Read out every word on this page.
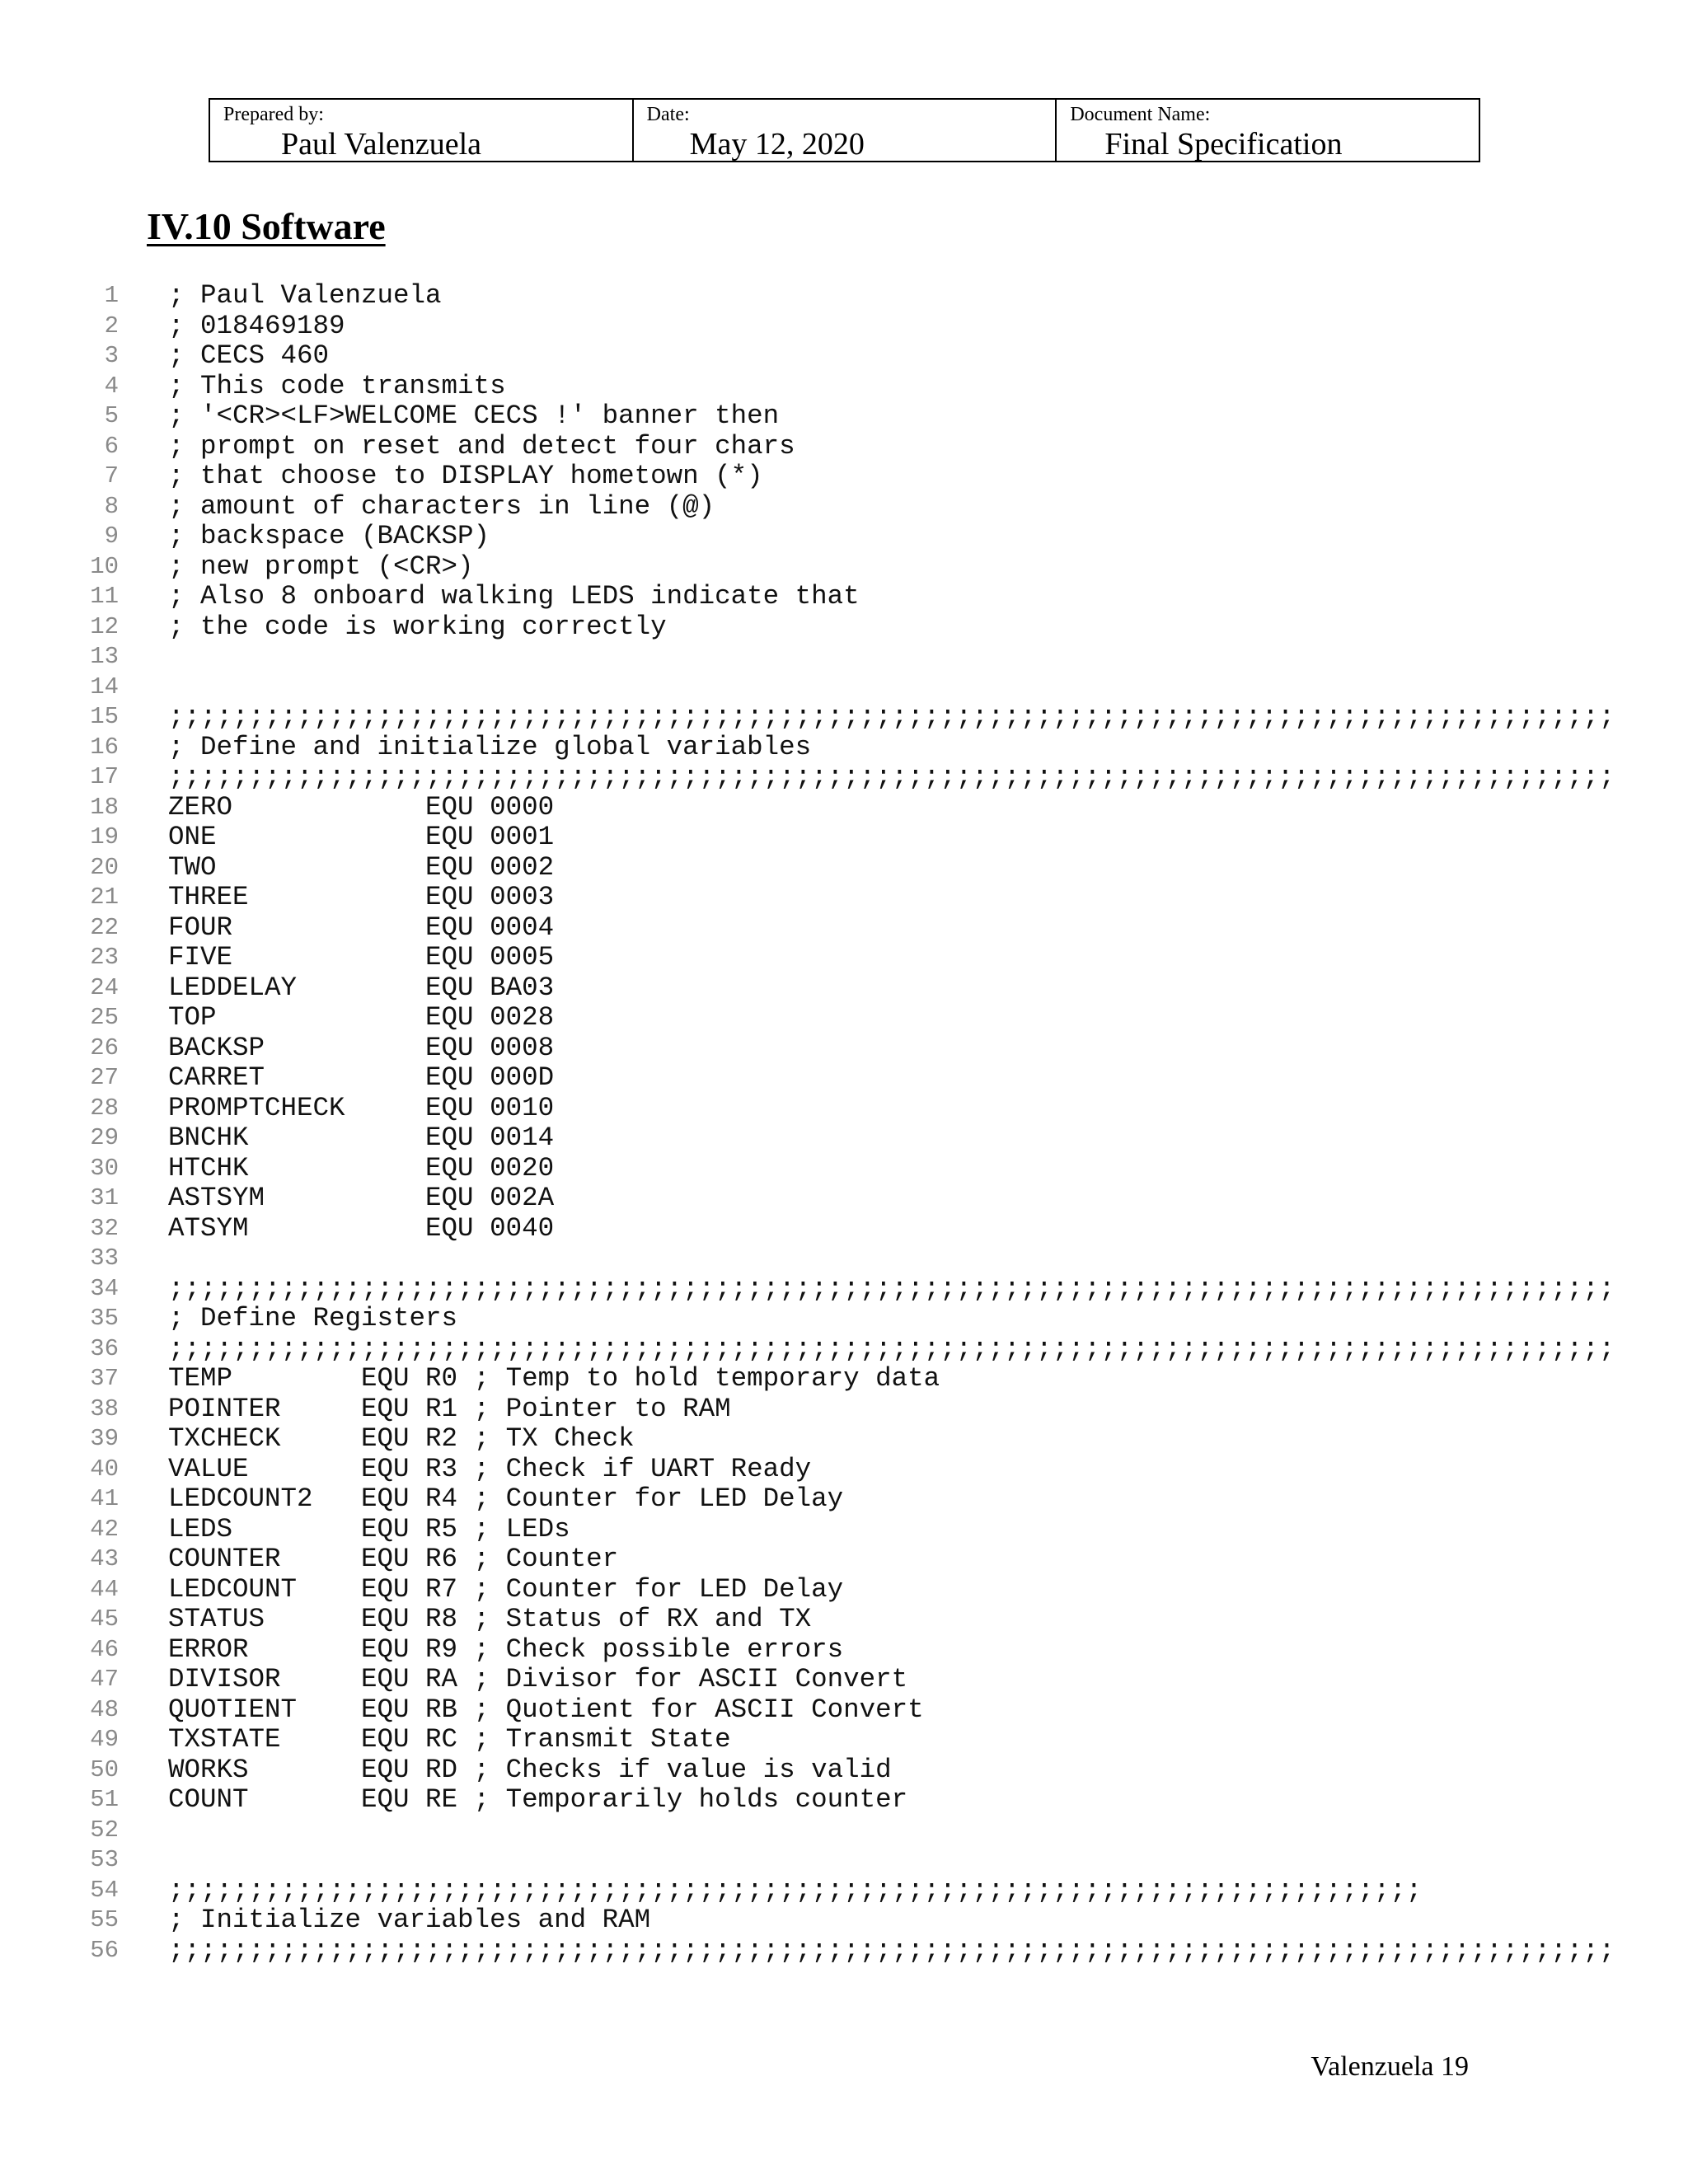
Prepared by:
Paul Valenzuela
Date:
May 12, 2020
Document Name:
Final Specification
IV.10 Software
1 ; Paul Valenzuela
2 ; 018469189
3 ; CECS 460
4 ; This code transmits
5 ; '<CR><LF>WELCOME CECS !' banner then
6 ; prompt on reset and detect four chars
7 ; that choose to DISPLAY hometown (*)
8 ; amount of characters in line (@)
9 ; backspace (BACKSP)
10 ; new prompt (<CR>)
11 ; Also 8 onboard walking LEDS indicate that
12 ; the code is working correctly
13
14
15 ;;;;;;;;;;;;;;;;;;;;;;;;;;;;;;;;;;;;;;;;;;;;;;;;;;;;;;;;;;;;;;;;;;;;;;;;;;;;;;;;;;;;;;;;;;
16 ; Define and initialize global variables
17 ;;;;;;;;;;;;;;;;;;;;;;;;;;;;;;;;;;;;;;;;;;;;;;;;;;;;;;;;;;;;;;;;;;;;;;;;;;;;;;;;;;;;;;;;;;
18 ZERO            EQU 0000
19 ONE             EQU 0001
20 TWO             EQU 0002
21 THREE           EQU 0003
22 FOUR            EQU 0004
23 FIVE            EQU 0005
24 LEDDELAY        EQU BA03
25 TOP             EQU 0028
26 BACKSP          EQU 0008
27 CARRET          EQU 000D
28 PROMPTCHECK     EQU 0010
29 BNCHK           EQU 0014
30 HTCHK           EQU 0020
31 ASTSYM          EQU 002A
32 ATSYM           EQU 0040
33
34 ;;;;;;;;;;;;;;;;;;;;;;;;;;;;;;;;;;;;;;;;;;;;;;;;;;;;;;;;;;;;;;;;;;;;;;;;;;;;;;;;;;;;;;;;;;
35 ; Define Registers
36 ;;;;;;;;;;;;;;;;;;;;;;;;;;;;;;;;;;;;;;;;;;;;;;;;;;;;;;;;;;;;;;;;;;;;;;;;;;;;;;;;;;;;;;;;;;
37 TEMP        EQU R0 ; Temp to hold temporary data
38 POINTER     EQU R1 ; Pointer to RAM
39 TXCHECK     EQU R2 ; TX Check
40 VALUE       EQU R3 ; Check if UART Ready
41 LEDCOUNT2   EQU R4 ; Counter for LED Delay
42 LEDS        EQU R5 ; LEDs
43 COUNTER     EQU R6 ; Counter
44 LEDCOUNT    EQU R7 ; Counter for LED Delay
45 STATUS      EQU R8 ; Status of RX and TX
46 ERROR       EQU R9 ; Check possible errors
47 DIVISOR     EQU RA ; Divisor for ASCII Convert
48 QUOTIENT    EQU RB ; Quotient for ASCII Convert
49 TXSTATE     EQU RC ; Transmit State
50 WORKS       EQU RD ; Checks if value is valid
51 COUNT       EQU RE ; Temporarily holds counter
52
53
54 ;;;;;;;;;;;;;;;;;;;;;;;;;;;;;;;;;;;;;;;;;;;;;;;;;;;;;;;;;;;;;;;;;;;;;;;;;;;;;;
55 ; Initialize variables and RAM
56 ;;;;;;;;;;;;;;;;;;;;;;;;;;;;;;;;;;;;;;;;;;;;;;;;;;;;;;;;;;;;;;;;;;;;;;;;;;;;;;;;;;;;;;;;;;
Valenzuela 19
